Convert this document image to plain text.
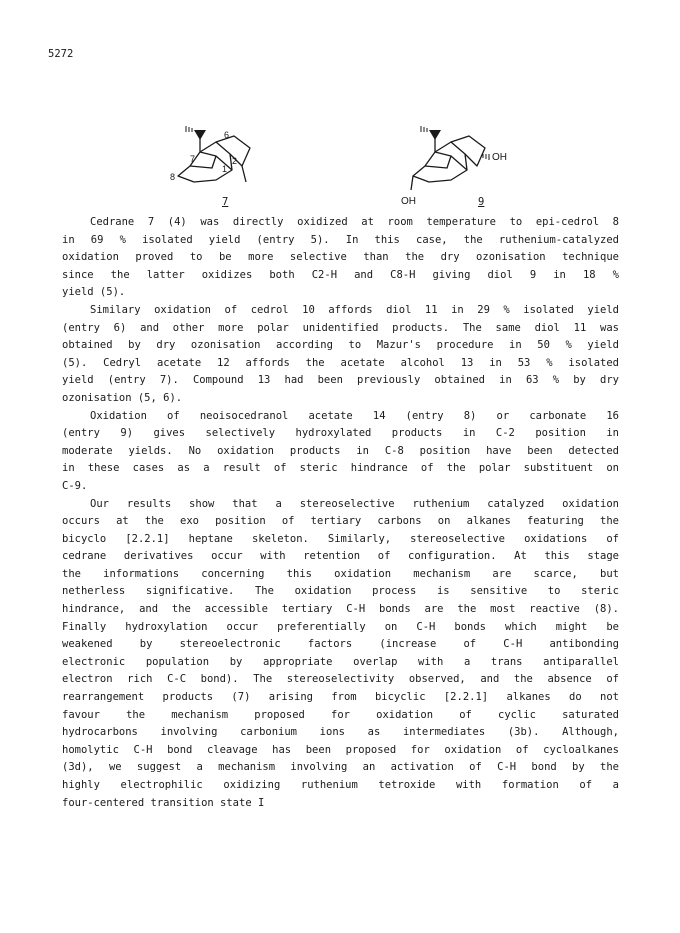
5272
6
7
8
2
1
7
OH
OH	9
Cedrane 7 (4) was directly oxidized at room temperature to epi-cedrol 8
in 69 % isolated yield (entry 5). In this case, the ruthenium-catalyzed
oxidation proved to be more selective than the dry ozonisation technique
since the latter oxidizes both C2-H and C8-H giving diol 9 in 18 %
yield (5).
Similary oxidation of cedrol 10 affords diol 11 in 29 % isolated yield
(entry 6) and other more polar unidentified products. The same diol 11 was
obtained by dry ozonisation according to Mazur's procedure in 50 % yield
(5). Cedryl acetate 12 affords the acetate alcohol 13 in 53 % isolated
yield (entry 7). Compound 13 had been previously obtained in 63 % by dry
ozonisation (5, 6).
Oxidation of neoisocedranol acetate 14 (entry 8) or carbonate 16
(entry 9) gives selectively hydroxylated products in C-2 position in
moderate yields. No oxidation products in C-8 position have been detected
in these cases as a result of steric hindrance of the polar substituent on
C-9.
Our results show that a stereoselective ruthenium catalyzed oxidation
occurs at the exo position of tertiary carbons on alkanes featuring the
bicyclo [2.2.1] heptane skeleton. Similarly, stereoselective oxidations of
cedrane derivatives occur with retention of configuration. At this stage
the informations concerning this oxidation mechanism are scarce, but
netherless significative. The oxidation process is sensitive to steric
hindrance, and the accessible tertiary C-H bonds are the most reactive (8).
Finally hydroxylation occur preferentially on C-H bonds which might be
weakened by stereoelectronic factors (increase of C-H antibonding
electronic population by appropriate overlap with a trans antiparallel
electron rich C-C bond). The stereoselectivity observed, and the absence of
rearrangement products (7) arising from bicyclic [2.2.1] alkanes do not
favour the mechanism proposed for oxidation of cyclic saturated
hydrocarbons involving carbonium ions as intermediates (3b). Although,
homolytic C-H bond cleavage has been proposed for oxidation of cycloalkanes
(3d), we suggest a mechanism involving an activation of C-H bond by the
highly electrophilic oxidizing ruthenium tetroxide with formation of a
four-centered transition state I
